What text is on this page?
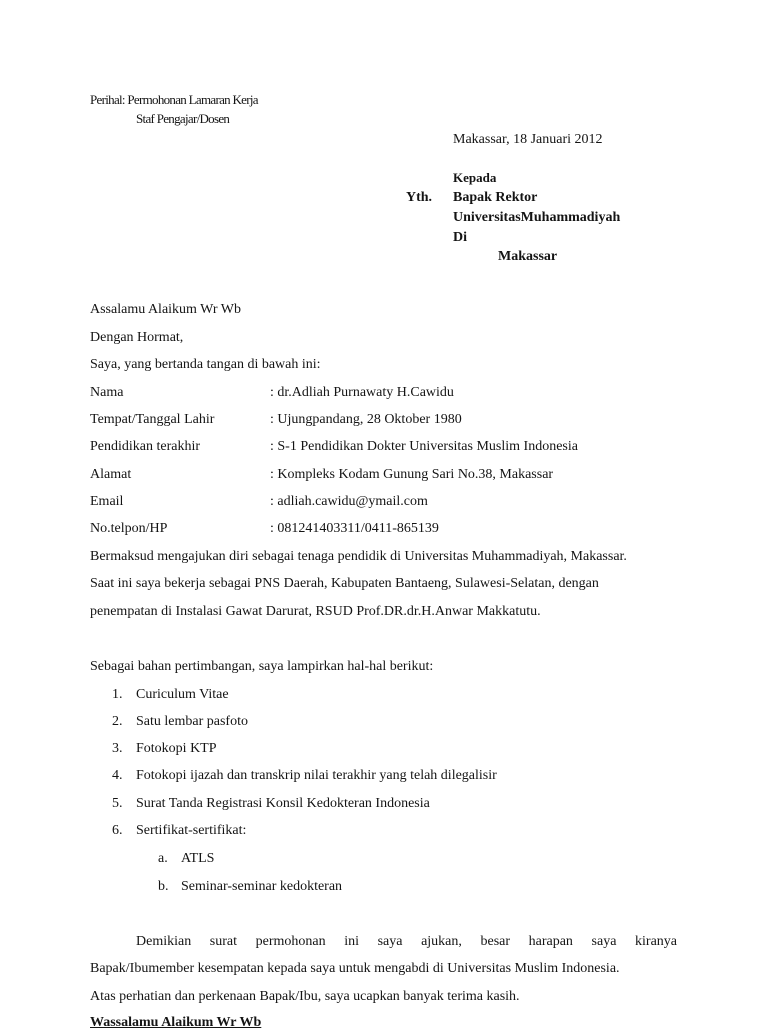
Perihal: Permohonan Lamaran Kerja
Staf Pengajar/Dosen
Makassar, 18 Januari 2012
Kepada
Yth. Bapak Rektor
UniversitasMuhammadiyah
Di
Makassar
Assalamu Alaikum Wr Wb
Dengan Hormat,
Saya, yang bertanda tangan di bawah ini:
Nama	: dr.Adliah Purnawaty H.Cawidu
Tempat/Tanggal Lahir	: Ujungpandang, 28 Oktober 1980
Pendidikan terakhir	: S-1 Pendidikan Dokter Universitas Muslim Indonesia
Alamat	: Kompleks Kodam Gunung Sari No.38, Makassar
Email	: adliah.cawidu@ymail.com
No.telpon/HP	: 081241403311/0411-865139
Bermaksud mengajukan diri sebagai tenaga pendidik di Universitas Muhammadiyah, Makassar.
Saat ini saya bekerja sebagai PNS Daerah, Kabupaten Bantaeng, Sulawesi-Selatan, dengan
penempatan di Instalasi Gawat Darurat, RSUD Prof.DR.dr.H.Anwar Makkatutu.
Sebagai bahan pertimbangan, saya lampirkan hal-hal berikut:
1. Curiculum Vitae
2. Satu lembar pasfoto
3. Fotokopi KTP
4. Fotokopi ijazah dan transkrip nilai terakhir yang telah dilegalisir
5. Surat Tanda Registrasi Konsil Kedokteran Indonesia
6. Sertifikat-sertifikat:
a. ATLS
b. Seminar-seminar kedokteran
Demikian surat permohonan ini saya ajukan, besar harapan saya kiranya
Bapak/Ibumember kesempatan kepada saya untuk mengabdi di Universitas Muslim Indonesia.
Atas perhatian dan perkenaan Bapak/Ibu, saya ucapkan banyak terima kasih.
Wassalamu Alaikum Wr Wb
